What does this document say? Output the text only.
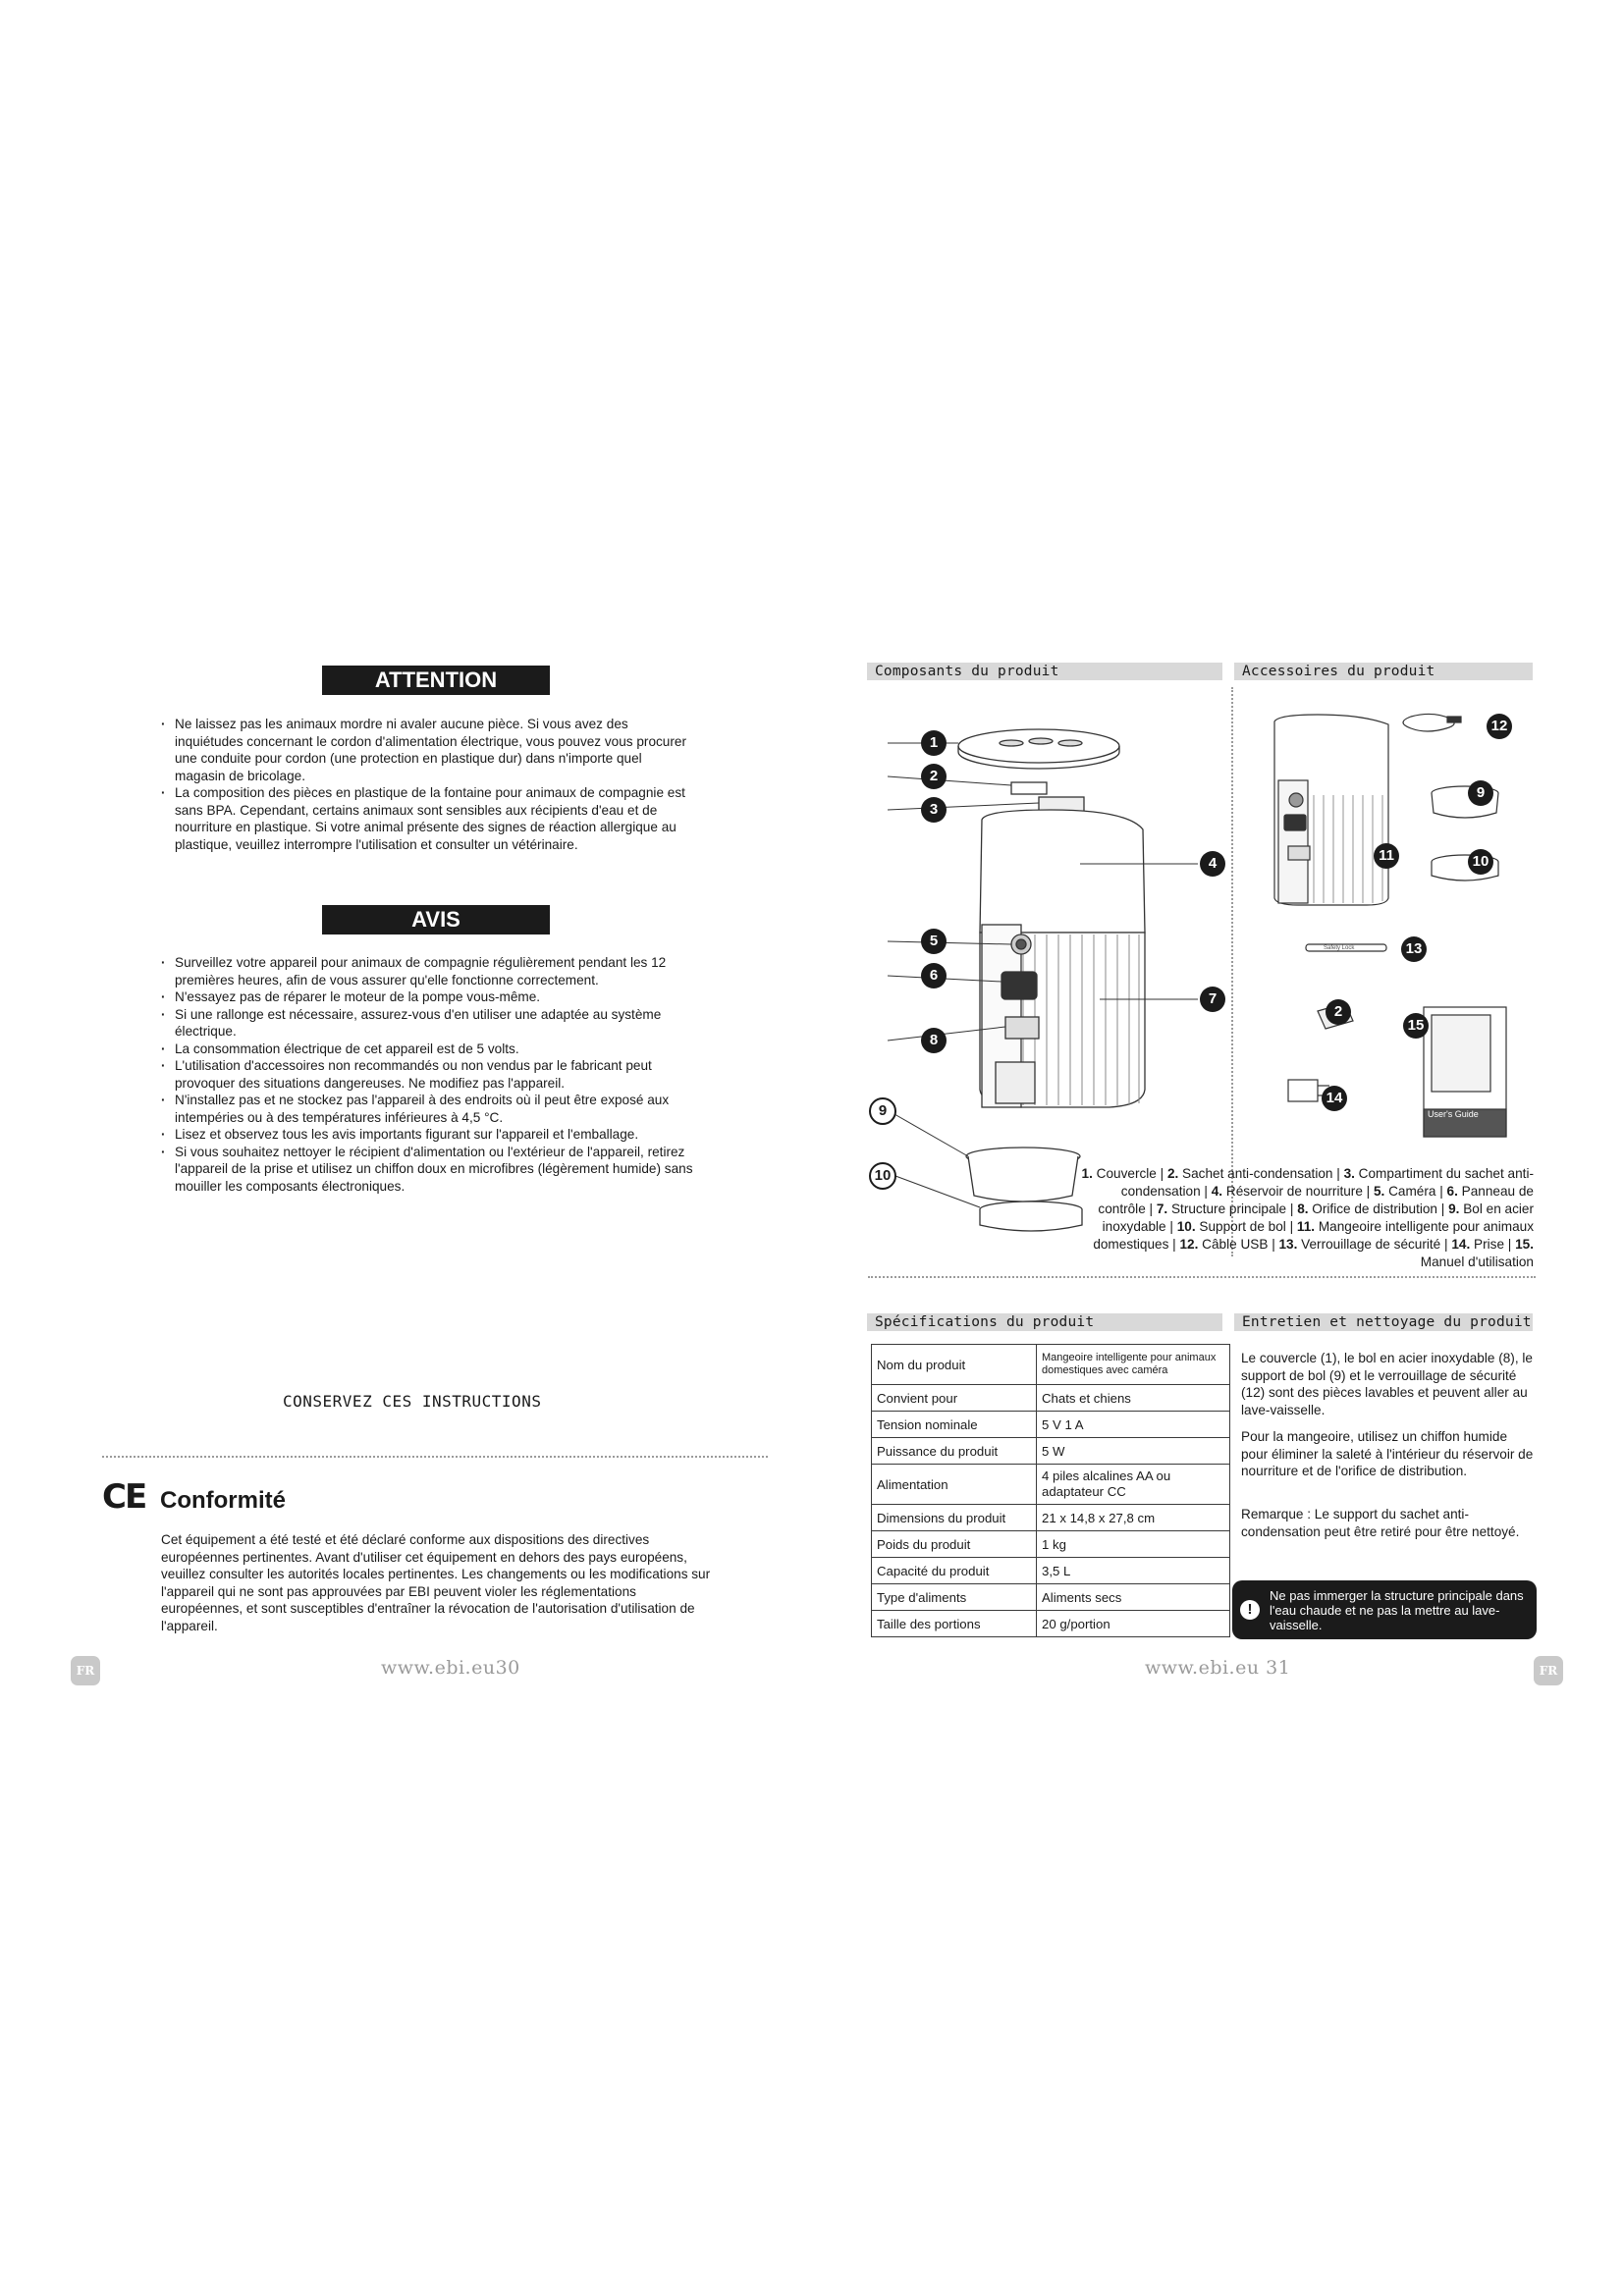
ATTENTION
· Ne laissez pas les animaux mordre ni avaler aucune pièce. Si vous avez des inquiétudes concernant le cordon d'alimentation électrique, vous pouvez vous procurer une conduite pour cordon (une protection en plastique dur) dans n'importe quel magasin de bricolage.
· La composition des pièces en plastique de la fontaine pour animaux de compagnie est sans BPA. Cependant, certains animaux sont sensibles aux récipients d'eau et de nourriture en plastique. Si votre animal présente des signes de réaction allergique au plastique, veuillez interrompre l'utilisation et consulter un vétérinaire.
AVIS
· Surveillez votre appareil pour animaux de compagnie régulièrement pendant les 12 premières heures, afin de vous assurer qu'elle fonctionne correctement.
· N'essayez pas de réparer le moteur de la pompe vous-même.
· Si une rallonge est nécessaire, assurez-vous d'en utiliser une adaptée au système électrique.
· La consommation électrique de cet appareil est de 5 volts.
· L'utilisation d'accessoires non recommandés ou non vendus par le fabricant peut provoquer des situations dangereuses. Ne modifiez pas l'appareil.
· N'installez pas et ne stockez pas l'appareil à des endroits où il peut être exposé aux intempéries ou à des températures inférieures à 4,5 °C.
· Lisez et observez tous les avis importants figurant sur l'appareil et l'emballage.
· Si vous souhaitez nettoyer le récipient d'alimentation ou l'extérieur de l'appareil, retirez l'appareil de la prise et utilisez un chiffon doux en microfibres (légèrement humide) sans mouiller les composants électroniques.
CONSERVEZ CES INSTRUCTIONS
CE Conformité

Cet équipement a été testé et été déclaré conforme aux dispositions des directives européennes pertinentes. Avant d'utiliser cet équipement en dehors des pays européens, veuillez consulter les autorités locales pertinentes. Les changements ou les modifications sur l'appareil qui ne sont pas approuvées par EBI peuvent violer les réglementations européennes, et sont susceptibles d'entraîner la révocation de l'autorisation d'utilisation de l'appareil.

FR	www.ebi.eu30
Composants du produit	Accessoires du produit
1
2
3
4
5
6
7
8
9
10
11
12
9
10
Safety Lock	13
2
15
User's Guide
14

1. Couvercle | 2. Sachet anti-condensation | 3. Compartiment du sachet anti-condensation | 4. Réservoir de nourriture | 5. Caméra | 6. Panneau de contrôle | 7. Structure principale | 8. Orifice de distribution | 9. Bol en acier inoxydable | 10. Support de bol | 11. Mangeoire intelligente pour animaux domestiques | 12. Câble USB | 13. Verrouillage de sécurité | 14. Prise | 15. Manuel d'utilisation

Spécifications du produit	Entretien et nettoyage du produit
Nom du produit	Mangeoire intelligente pour animaux domestiques avec caméra
Convient pour	Chats et chiens
Tension nominale	5 V 1 A
Puissance du produit	5 W
Alimentation	4 piles alcalines AA ou adaptateur CC
Dimensions du produit	21 x 14,8 x 27,8 cm
Poids du produit	1 kg
Capacité du produit	3,5 L
Type d'aliments	Aliments secs
Taille des portions	20 g/portion

Le couvercle (1), le bol en acier inoxydable (8), le support de bol (9) et le verrouillage de sécurité (12) sont des pièces lavables et peuvent aller au lave-vaisselle.

Pour la mangeoire, utilisez un chiffon humide pour éliminer la saleté à l'intérieur du réservoir de nourriture et de l'orifice de distribution.

Remarque : Le support du sachet anti-condensation peut être retiré pour être nettoyé.

!
Ne pas immerger la structure principale dans l'eau chaude et ne pas la mettre au lave-vaisselle.
www.ebi.eu 31	FR
